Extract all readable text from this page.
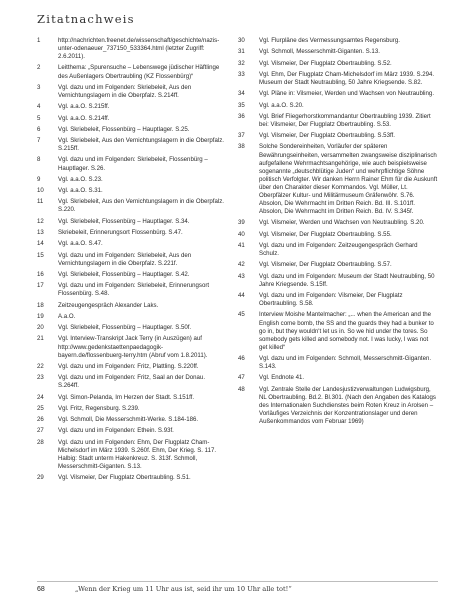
Zitatnachweis
1	http://nachrichten.freenet.de/wissenschaft/geschichte/nazis-unter-odenaeuer_737150_533364.html (letzter Zugriff: 2.6.2011).
2	Leitthema: „Spurensuche – Lebenswege jüdischer Häftlinge des Außenlagers Obertraubling (KZ Flossenbürg)“
3	Vgl. dazu und im Folgenden: Skriebeleit, Aus den Vernichtungslagern in die Oberpfalz. S.214ff.
4	Vgl. a.a.O. S.215ff.
5	Vgl. a.a.O. S.214ff.
6	Vgl. Skriebeleit, Flossenbürg – Hauptlager. S.25.
7	Vgl. Skriebeleit, Aus den Vernichtungslagern in die Oberpfalz. S.215ff.
8	Vgl. dazu und im Folgenden: Skriebeleit, Flossenbürg – Hauptlager. S.26.
9	Vgl. a.a.O. S.23.
10	Vgl. a.a.O. S.31.
11	Vgl. Skriebeleit, Aus den Vernichtungslagern in die Oberpfalz. S.220.
12	Vgl. Skriebeleit, Flossenbürg – Hauptlager. S.34.
13	Skriebeleit, Erinnerungsort Flossenbürg. S.47.
14	Vgl. a.a.O. S.47.
15	Vgl. dazu und im Folgenden: Skriebeleit, Aus den Vernichtungslagern in die Oberpfalz. S.221f.
16	Vgl. Skriebeleit, Flossenbürg – Hauptlager. S.42.
17	Vgl. dazu und im Folgenden: Skriebeleit, Erinnerungsort Flossenbürg. S.48.
18	Zeitzeugengespräch Alexander Laks.
19	A.a.O.
20	Vgl. Skriebeleit, Flossenbürg – Hauptlager. S.50f.
21	Vgl. Interview-Transkript Jack Terry (in Auszügen) auf http://www.gedenkstaettenpaedagogik-bayern.de/flossenbuerg-terry.htm (Abruf vom 1.8.2011).
22	Vgl. dazu und im Folgenden: Fritz, Plattling. S.220ff.
23	Vgl. dazu und im Folgenden: Fritz, Saal an der Donau. S.264ff.
24	Vgl. Simon-Pelanda, Im Herzen der Stadt. S.151ff.
25	Vgl. Fritz, Regensburg. S.239.
26	Vgl. Schmoll, Die Messerschmitt-Werke. S.184-186.
27	Vgl. dazu und im Folgenden: Ethein. S.93f.
28	Vgl. dazu und im Folgenden: Ehm, Der Flugplatz Cham-Michelsdorf im März 1939. S.260f. Ehm, Der Krieg. S. 117. Halbig: Stadt unterm Hakenkreuz. S. 313f. Schmoll, Messerschmitt-Giganten. S.13.
29	Vgl. Vilsmeier, Der Flugplatz Obertraubling. S.51.
30	Vgl. Flurpläne des Vermessungsamtes Regensburg.
31	Vgl. Schmoll, Messerschmitt-Giganten. S.13.
32	Vgl. Vilsmeier, Der Flugplatz Obertraubling. S.52.
33	Vgl. Ehm, Der Flugplatz Cham-Michelsdorf im März 1939. S.294. Museum der Stadt Neutraubling, 50 Jahre Kriegsende. S.82.
34	Vgl. Pläne in: Vilsmeier, Werden und Wachsen von Neutraubling.
35	Vgl. a.a.O. S.20.
36	Vgl. Brief Fliegerhorstkommandantur Obertraubling 1939. Zitiert bei: Vilsmeier, Der Flugplatz Obertraubling. S.53.
37	Vgl. Vilsmeier, Der Flugplatz Obertraubling. S.53ff.
38	Solche Sondereinheiten, Vorläufer der späteren Bewährungseinheiten, versammelten zwangsweise disziplinarisch aufgefallene Wehrmachtsangehörige, wie auch beispielsweise sogenannte „deutschblütige Juden“ und wehrpflichtige Söhne politisch Verfolgter. Wir danken Herrn Rainer Ehm für die Auskunft über den Charakter dieser Kommandos. Vgl. Müller, Lt. Oberpfälzer Kultur- und Militärmuseum Gräfenwöhr. S.76. Absolon, Die Wehrmacht im Dritten Reich. Bd. III. S.101ff. Absolon, Die Wehrmacht im Dritten Reich. Bd. IV. S.345f.
39	Vgl. Vilsmeier, Werden und Wachsen von Neutraubling. S.20.
40	Vgl. Vilsmeier, Der Flugplatz Obertraubling. S.55.
41	Vgl. dazu und im Folgenden: Zeitzeugengespräch Gerhard Schulz.
42	Vgl. Vilsmeier, Der Flugplatz Obertraubling. S.57.
43	Vgl. dazu und im Folgenden: Museum der Stadt Neutraubling, 50 Jahre Kriegsende. S.15ff.
44	Vgl. dazu und im Folgenden: Vilsmeier, Der Flugplatz Obertraubling. S.58.
45	Interview Moishe Mantelmacher: „... when the American and the English come bomb, the SS and the guards they had a bunker to go in, but they wouldn't let us in. So we hid under the tores. So somebody gets killed and somebody not. I was lucky, I was not get killed“
46	Vgl. dazu und im Folgenden: Schmoll, Messerschmitt-Giganten. S.143.
47	Vgl. Endnote 41.
48	Vgl. Zentrale Stelle der Landesjustizverwaltungen Ludwigsburg, NL Obertraubling. Bd.2. Bl.301. (Nach den Angaben des Katalogs des Internationalen Suchdienstes beim Roten Kreuz in Arolsen – Vorläufiges Verzeichnis der Konzentrationslager und deren Außenkommandos vom Februar 1969)
68	„Wenn der Krieg um 11 Uhr aus ist, seid ihr um 10 Uhr alle tot!“
